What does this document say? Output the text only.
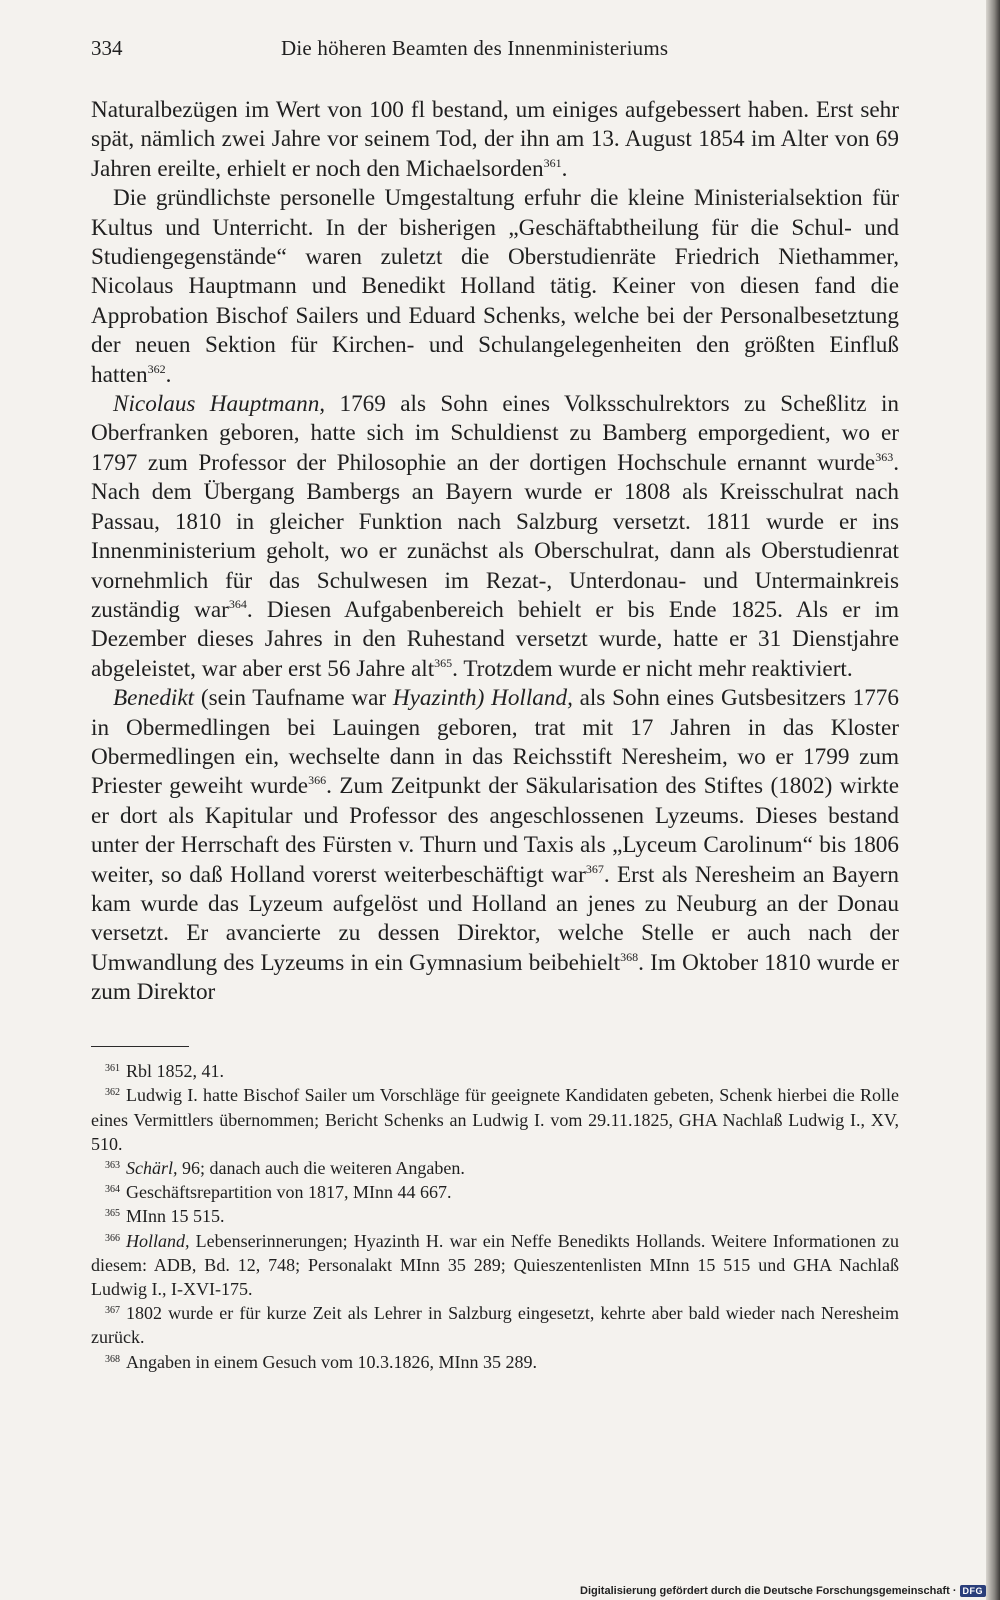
334	Die höheren Beamten des Innenministeriums

Naturalbezügen im Wert von 100 fl bestand, um einiges aufgebessert haben. Erst sehr spät, nämlich zwei Jahre vor seinem Tod, der ihn am 13. August 1854 im Alter von 69 Jahren ereilte, erhielt er noch den Michaelsorden$^{361}$.

Die gründlichste personelle Umgestaltung erfuhr die kleine Ministerialsektion für Kultus und Unterricht. In der bisherigen „Geschäftabtheilung für die Schul- und Studiengegenstände“ waren zuletzt die Oberstudienräte Friedrich Niethammer, Nicolaus Hauptmann und Benedikt Holland tätig. Keiner von diesen fand die Approbation Bischof Sailers und Eduard Schenks, welche bei der Personalbesetztung der neuen Sektion für Kirchen- und Schulangelegenheiten den größten Einfluß hatten$^{362}$.

Nicolaus Hauptmann, 1769 als Sohn eines Volksschulrektors zu Scheßlitz in Oberfranken geboren, hatte sich im Schuldienst zu Bamberg emporgedient, wo er 1797 zum Professor der Philosophie an der dortigen Hochschule ernannt wurde$^{363}$. Nach dem Übergang Bambergs an Bayern wurde er 1808 als Kreisschulrat nach Passau, 1810 in gleicher Funktion nach Salzburg versetzt. 1811 wurde er ins Innenministerium geholt, wo er zunächst als Oberschulrat, dann als Oberstudienrat vornehmlich für das Schulwesen im Rezat-, Unterdonau- und Untermainkreis zuständig war$^{364}$. Diesen Aufgabenbereich behielt er bis Ende 1825. Als er im Dezember dieses Jahres in den Ruhestand versetzt wurde, hatte er 31 Dienstjahre abgeleistet, war aber erst 56 Jahre alt$^{365}$. Trotzdem wurde er nicht mehr reaktiviert.

Benedikt (sein Taufname war Hyazinth) Holland, als Sohn eines Gutsbesitzers 1776 in Obermedlingen bei Lauingen geboren, trat mit 17 Jahren in das Kloster Obermedlingen ein, wechselte dann in das Reichsstift Neresheim, wo er 1799 zum Priester geweiht wurde$^{366}$. Zum Zeitpunkt der Säkularisation des Stiftes (1802) wirkte er dort als Kapitular und Professor des angeschlossenen Lyzeums. Dieses bestand unter der Herrschaft des Fürsten v. Thurn und Taxis als „Lyceum Carolinum“ bis 1806 weiter, so daß Holland vorerst weiterbeschäftigt war$^{367}$. Erst als Neresheim an Bayern kam wurde das Lyzeum aufgelöst und Holland an jenes zu Neuburg an der Donau versetzt. Er avancierte zu dessen Direktor, welche Stelle er auch nach der Umwandlung des Lyzeums in ein Gymnasium beibehielt$^{368}$. Im Oktober 1810 wurde er zum Direktor

$^{361}$ Rbl 1852, 41.

$^{362}$ Ludwig I. hatte Bischof Sailer um Vorschläge für geeignete Kandidaten gebeten, Schenk hierbei die Rolle eines Vermittlers übernommen; Bericht Schenks an Ludwig I. vom 29.11.1825, GHA Nachlaß Ludwig I., XV, 510.

$^{363}$ Schärl, 96; danach auch die weiteren Angaben.

$^{364}$ Geschäftsrepartition von 1817, MInn 44 667.

$^{365}$ MInn 15 515.

$^{366}$ Holland, Lebenserinnerungen; Hyazinth H. war ein Neffe Benedikts Hollands. Weitere Informationen zu diesem: ADB, Bd. 12, 748; Personalakt MInn 35 289; Quieszentenlisten MInn 15 515 und GHA Nachlaß Ludwig I., I-XVI-175.

$^{367}$ 1802 wurde er für kurze Zeit als Lehrer in Salzburg eingesetzt, kehrte aber bald wieder nach Neresheim zurück.

$^{368}$ Angaben in einem Gesuch vom 10.3.1826, MInn 35 289.

Digitalisierung gefördert durch die Deutsche Forschungsgemeinschaft · DFG
